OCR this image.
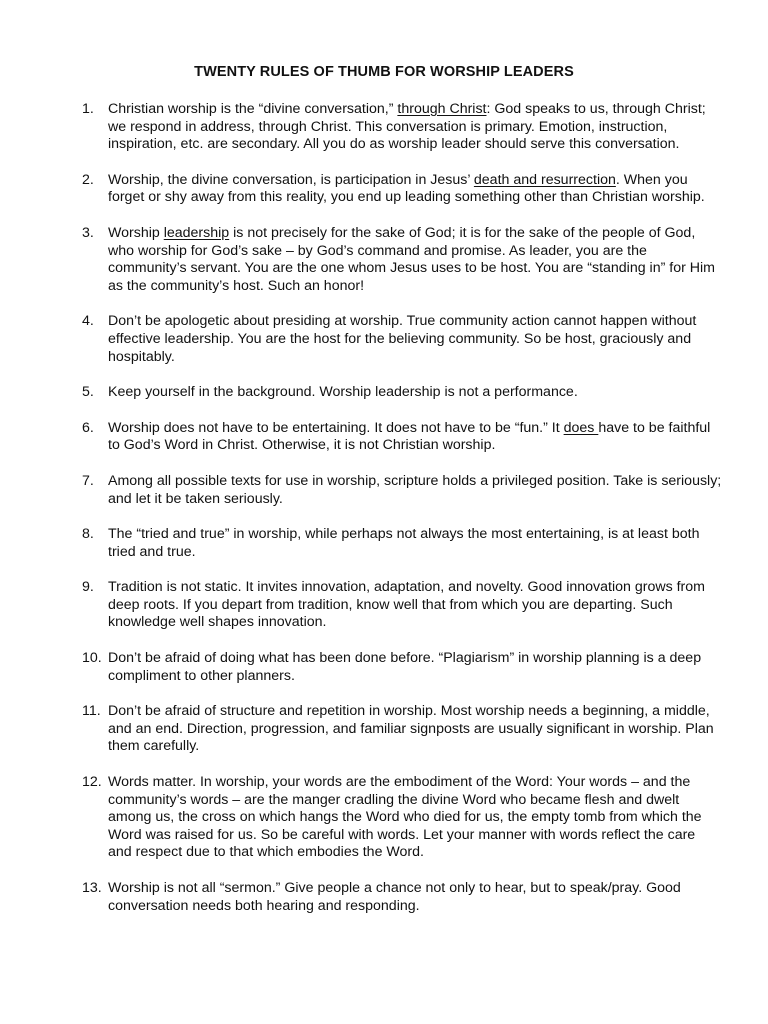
TWENTY RULES OF THUMB FOR WORSHIP LEADERS
1. Christian worship is the “divine conversation,” through Christ: God speaks to us, through Christ; we respond in address, through Christ. This conversation is primary. Emotion, instruction, inspiration, etc. are secondary. All you do as worship leader should serve this conversation.
2. Worship, the divine conversation, is participation in Jesus’ death and resurrection. When you forget or shy away from this reality, you end up leading something other than Christian worship.
3. Worship leadership is not precisely for the sake of God; it is for the sake of the people of God, who worship for God’s sake – by God’s command and promise. As leader, you are the community’s servant. You are the one whom Jesus uses to be host. You are “standing in” for Him as the community’s host. Such an honor!
4. Don’t be apologetic about presiding at worship. True community action cannot happen without effective leadership. You are the host for the believing community. So be host, graciously and hospitably.
5. Keep yourself in the background. Worship leadership is not a performance.
6. Worship does not have to be entertaining. It does not have to be “fun.” It does have to be faithful to God’s Word in Christ. Otherwise, it is not Christian worship.
7. Among all possible texts for use in worship, scripture holds a privileged position. Take is seriously; and let it be taken seriously.
8. The “tried and true” in worship, while perhaps not always the most entertaining, is at least both tried and true.
9. Tradition is not static. It invites innovation, adaptation, and novelty. Good innovation grows from deep roots. If you depart from tradition, know well that from which you are departing. Such knowledge well shapes innovation.
10. Don’t be afraid of doing what has been done before. “Plagiarism” in worship planning is a deep compliment to other planners.
11. Don’t be afraid of structure and repetition in worship. Most worship needs a beginning, a middle, and an end. Direction, progression, and familiar signposts are usually significant in worship. Plan them carefully.
12. Words matter. In worship, your words are the embodiment of the Word: Your words – and the community’s words – are the manger cradling the divine Word who became flesh and dwelt among us, the cross on which hangs the Word who died for us, the empty tomb from which the Word was raised for us. So be careful with words. Let your manner with words reflect the care and respect due to that which embodies the Word.
13. Worship is not all “sermon.” Give people a chance not only to hear, but to speak/pray. Good conversation needs both hearing and responding.
